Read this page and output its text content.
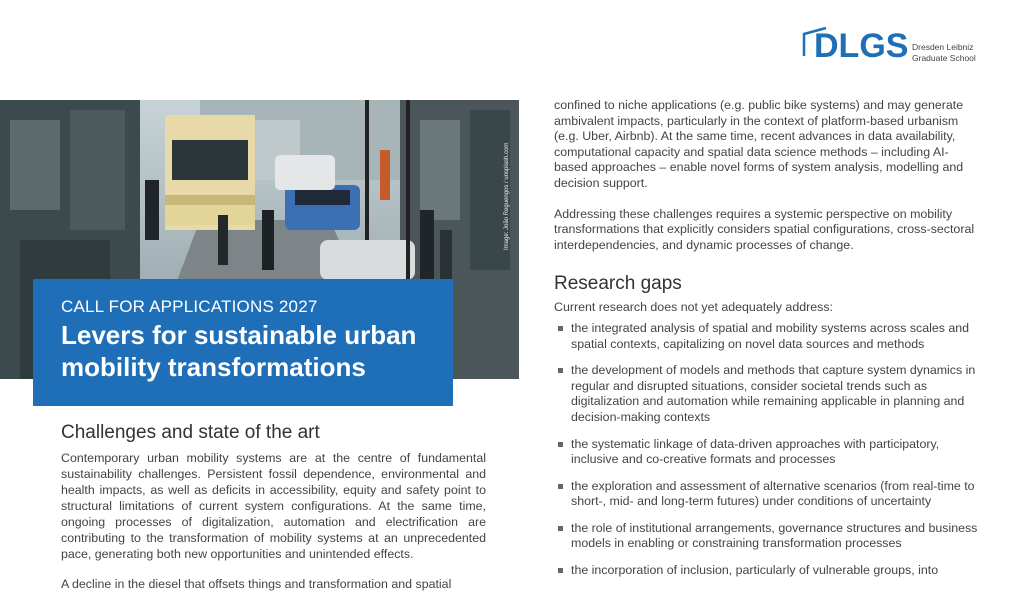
DLGS Dresden Leibniz
Graduate School
Image: João Reguengos / unsplash.com
CALL FOR APPLICATIONS 2027
Levers for sustainable urban mobility transformations
Challenges and state of the art

Contemporary urban mobility systems are at the centre of fundamental sustainability challenges. Persistent fossil dependence, environmental and health impacts, as well as deficits in accessibility, equity and safety point to structural limitations of current system configurations. At the same time, ongoing processes of digitalization, automation and electrification are contributing to the transformation of mobility systems at an unprecedented pace, generating both new opportunities and unintended effects.

A decline in the diesel that offsets things and transformation and spatial

confined to niche applications (e.g. public bike systems) and may generate ambivalent impacts, particularly in the context of platform-based urbanism (e.g. Uber, Airbnb). At the same time, recent advances in data availability, computational capacity and spatial data science methods – including AI-based approaches – enable novel forms of system analysis, modelling and decision support.

Addressing these challenges requires a systemic perspective on mobility transformations that explicitly considers spatial configurations, cross-sectoral interdependencies, and dynamic processes of change.

Research gaps

Current research does not yet adequately address:

the integrated analysis of spatial and mobility systems across scales and spatial contexts, capitalizing on novel data sources and methods
the development of models and methods that capture system dynamics in regular and disrupted situations, consider societal trends such as digitalization and automation while remaining applicable in planning and decision-making contexts
the systematic linkage of data-driven approaches with participatory, inclusive and co-creative formats and processes
the exploration and assessment of alternative scenarios (from real-time to short-, mid- and long-term futures) under conditions of uncertainty
the role of institutional arrangements, governance structures and business models in enabling or constraining transformation processes
the incorporation of inclusion, particularly of vulnerable groups, into
